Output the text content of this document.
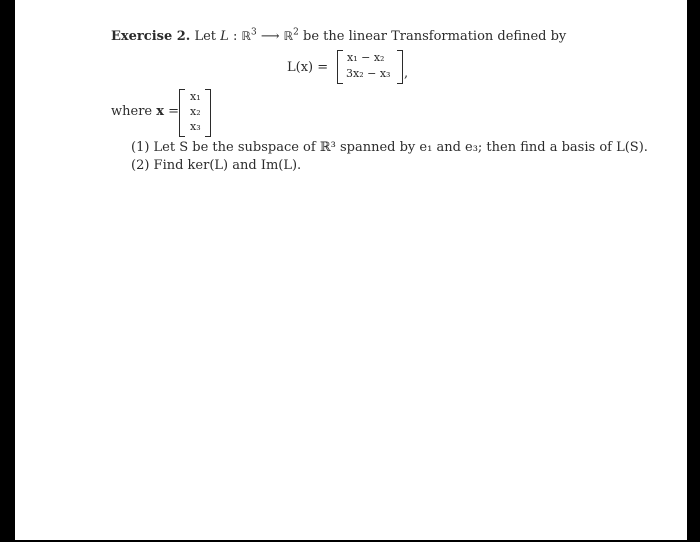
Exercise 2. Let L : ℝ$^3$ ⟶ ℝ$^2$ be the linear Transformation defined by
L(x) =
x₁ − x₂
3x₂ − x₃ ,
where x =
x₁
x₂
x₃
(1) Let S be the subspace of ℝ³ spanned by e₁ and e₃; then find a basis of L(S).
(2) Find ker(L) and Im(L).
